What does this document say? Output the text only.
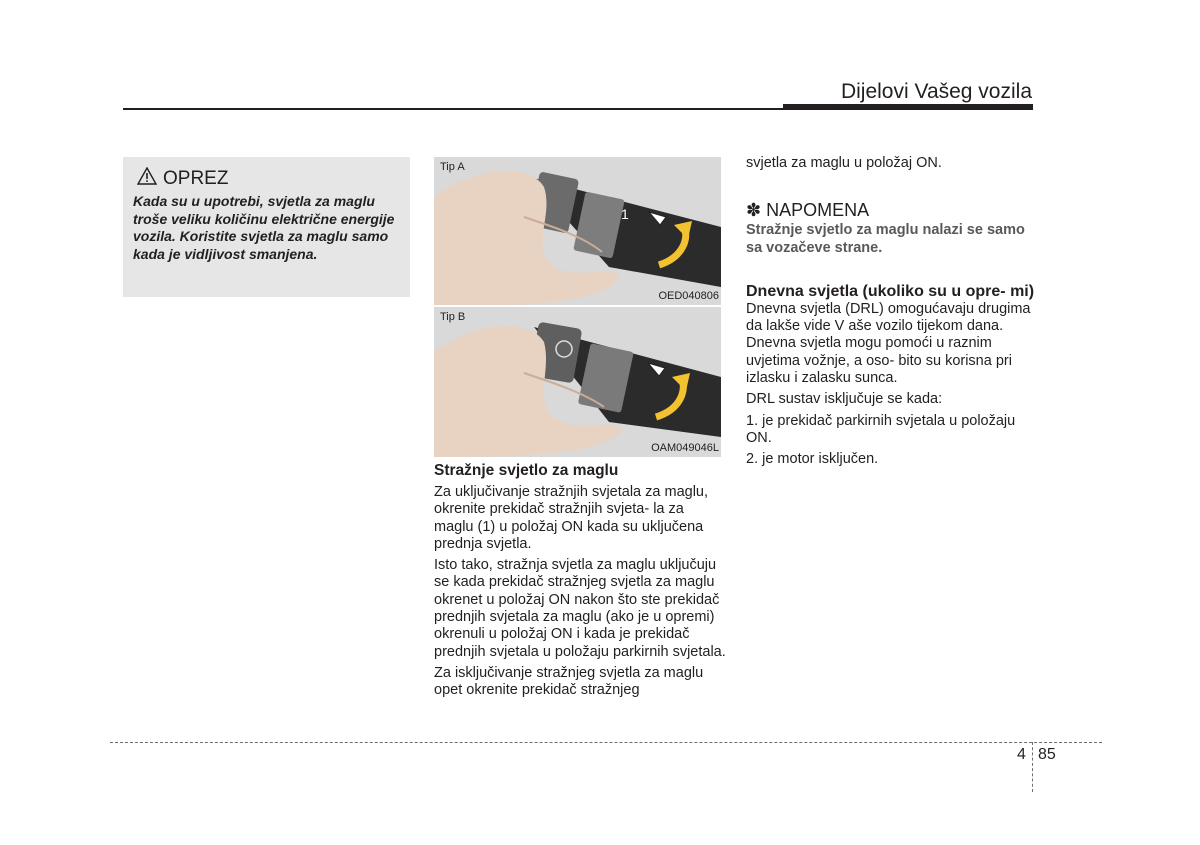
Dijelovi Vašeg vozila
OPREZ
Kada su u upotrebi, svjetla za maglu troše veliku količinu električne energije vozila. Koristite svjetla za maglu samo kada je vidljivost smanjena.
1
Tip A
OED040806
Tip B
OAM049046L
Stražnje svjetlo za maglu

Za uključivanje stražnjih svjetala za maglu, okrenite prekidač stražnjih svjeta- la za maglu (1) u položaj ON kada su uključena prednja svjetla.

Isto tako, stražnja svjetla za maglu uključuju se kada prekidač stražnjeg svjetla za maglu okrenet u položaj ON nakon što ste prekidač prednjih svjetala za maglu (ako je u opremi) okrenuli u položaj ON i kada je prekidač prednjih svjetala u položaju parkirnih svjetala.

Za isključivanje stražnjeg svjetla za maglu opet okrenite prekidač stražnjeg

svjetla za maglu u položaj ON.

✽ NAPOMENA

Stražnje svjetlo za maglu nalazi se samo sa vozačeve strane.

Dnevna svjetla (ukoliko su u opre- mi)

Dnevna svjetla (DRL) omogućavaju drugima da lakše vide V aše vozilo tijekom dana. Dnevna svjetla mogu pomoći u raznim uvjetima vožnje, a oso- bito su korisna pri izlasku i zalasku sunca.

DRL sustav isključuje se kada:

1. je prekidač parkirnih svjetala u položaju ON.

2. je motor isključen.

4 85
